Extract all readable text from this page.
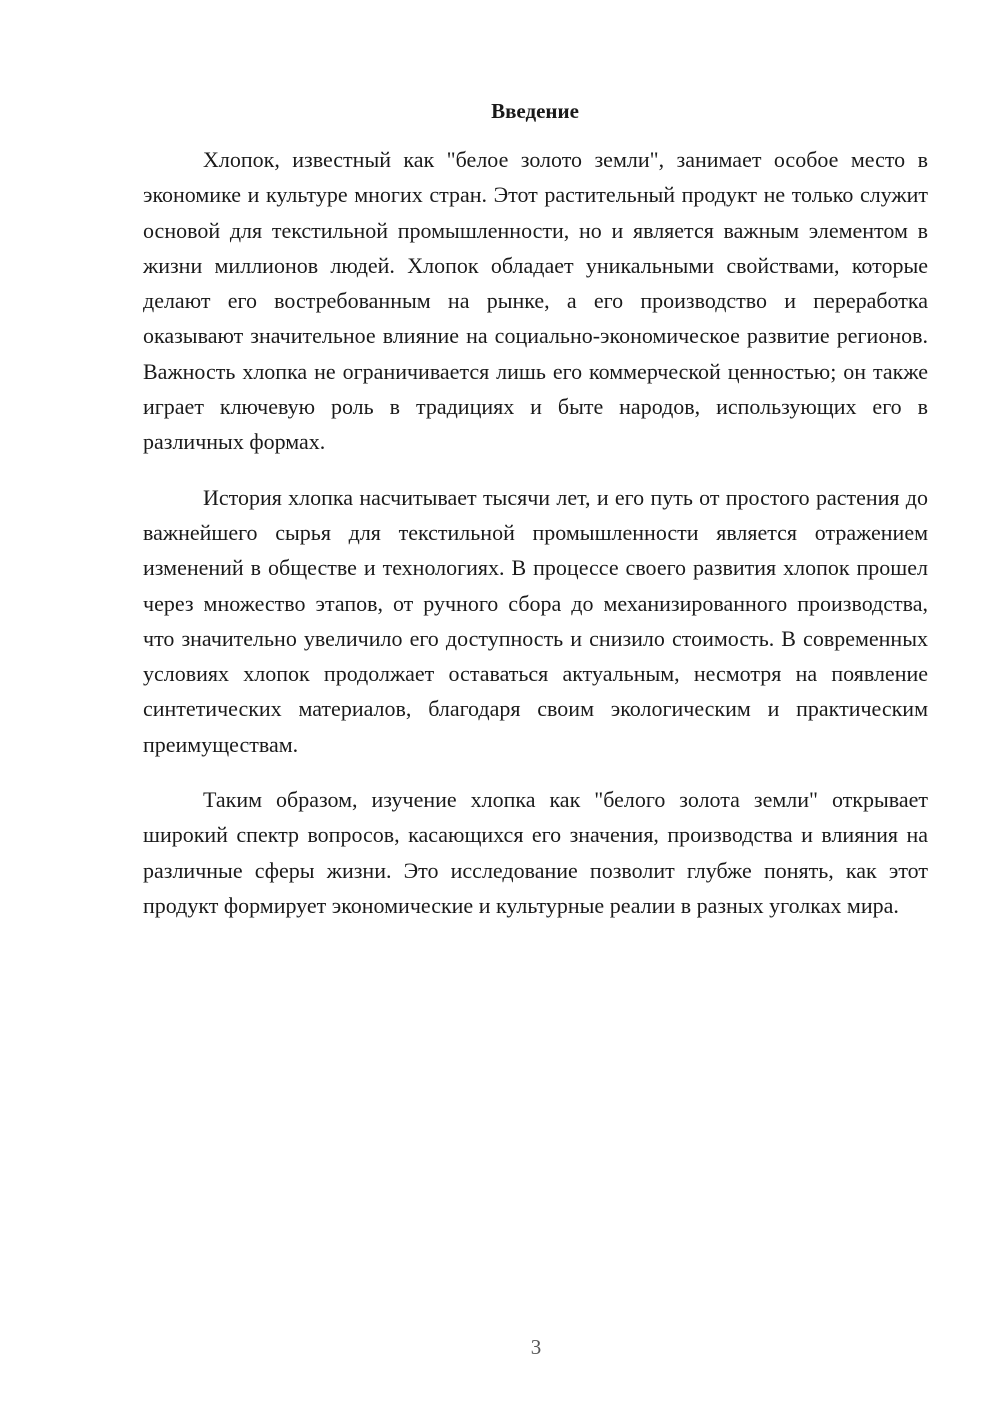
Введение

Хлопок, известный как "белое золото земли", занимает особое место в экономике и культуре многих стран. Этот растительный продукт не только служит основой для текстильной промышленности, но и является важным элементом в жизни миллионов людей. Хлопок обладает уникальными свойствами, которые делают его востребованным на рынке, а его производство и переработка оказывают значительное влияние на социально-экономическое развитие регионов. Важность хлопка не ограничивается лишь его коммерческой ценностью; он также играет ключевую роль в традициях и быте народов, использующих его в различных формах.

История хлопка насчитывает тысячи лет, и его путь от простого растения до важнейшего сырья для текстильной промышленности является отражением изменений в обществе и технологиях. В процессе своего развития хлопок прошел через множество этапов, от ручного сбора до механизированного производства, что значительно увеличило его доступность и снизило стоимость. В современных условиях хлопок продолжает оставаться актуальным, несмотря на появление синтетических материалов, благодаря своим экологическим и практическим преимуществам.

Таким образом, изучение хлопка как "белого золота земли" открывает широкий спектр вопросов, касающихся его значения, производства и влияния на различные сферы жизни. Это исследование позволит глубже понять, как этот продукт формирует экономические и культурные реалии в разных уголках мира.

3
